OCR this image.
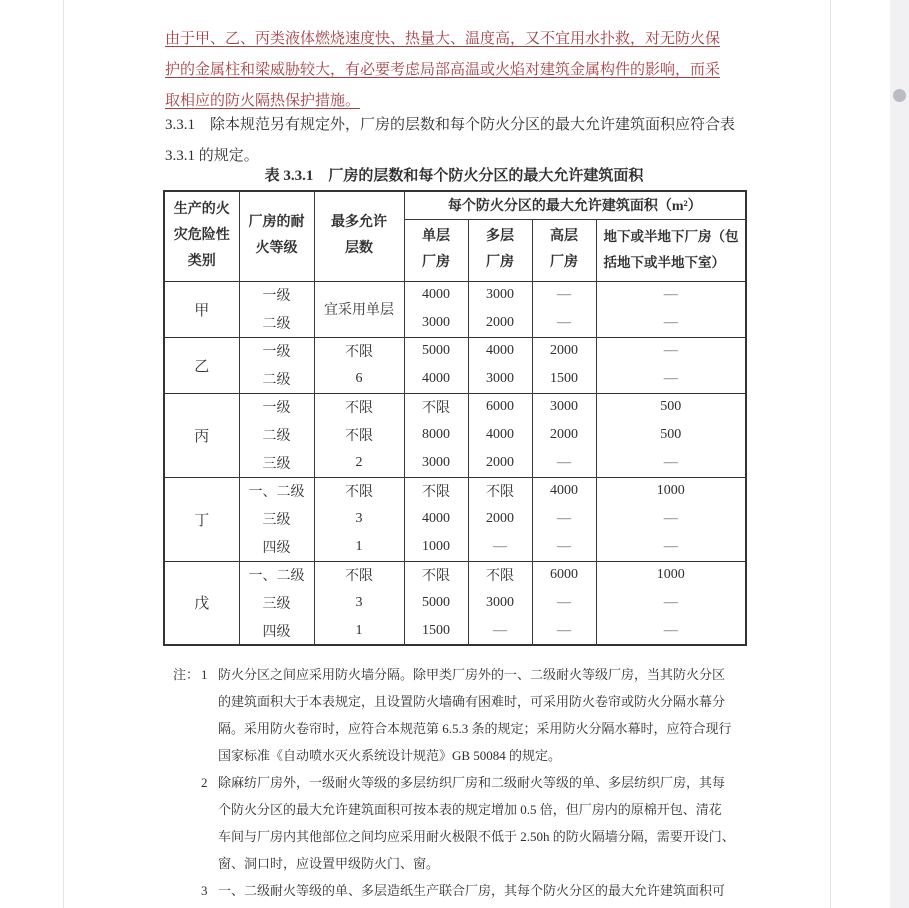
由于甲、乙、丙类液体燃烧速度快、热量大、温度高，又不宜用水扑救，对无防火保
护的金属柱和梁威胁较大，有必要考虑局部高温或火焰对建筑金属构件的影响，而采
取相应的防火隔热保护措施。
3.3.1　除本规范另有规定外，厂房的层数和每个防火分区的最大允许建筑面积应符合表
3.3.1 的规定。
表 3.3.1　厂房的层数和每个防火分区的最大允许建筑面积
生产的火
灾危险性
类别

厂房的耐
火等级

最多允许
层数
	每个防火分区的最大允许建筑面积（m²）

单层
厂房

多层
厂房

高层
厂房

地下或半地下厂房（包
括地下或半地下室）

甲	一级	宜采用单层	4000	3000	—	—
	二级		3000	2000	—	—
乙	一级	不限	5000	4000	2000	—
	二级	6	4000	3000	1500	—
丙	一级	不限	不限	6000	3000	500
	二级	不限	8000	4000	2000	500
	三级	2	3000	2000	—	—
丁	一、二级	不限	不限	不限	4000	1000
	三级	3	4000	2000	—	—
	四级	1	1000	—	—	—
戊	一、二级	不限	不限	不限	6000	1000
	三级	3	5000	3000	—	—
	四级	1	1500	—	—	—
注： 1 防火分区之间应采用防火墙分隔。除甲类厂房外的一、二级耐火等级厂房，当其防火分区
的建筑面积大于本表规定，且设置防火墙确有困难时，可采用防火卷帘或防火分隔水幕分
隔。采用防火卷帘时，应符合本规范第 6.5.3 条的规定；采用防火分隔水幕时，应符合现行
国家标准《自动喷水灭火系统设计规范》GB 50084 的规定。
2 除麻纺厂房外，一级耐火等级的多层纺织厂房和二级耐火等级的单、多层纺织厂房，其每
个防火分区的最大允许建筑面积可按本表的规定增加 0.5 倍，但厂房内的原棉开包、清花
车间与厂房内其他部位之间均应采用耐火极限不低于 2.50h 的防火隔墙分隔，需要开设门、
窗、洞口时，应设置甲级防火门、窗。
3 一、二级耐火等级的单、多层造纸生产联合厂房，其每个防火分区的最大允许建筑面积可
